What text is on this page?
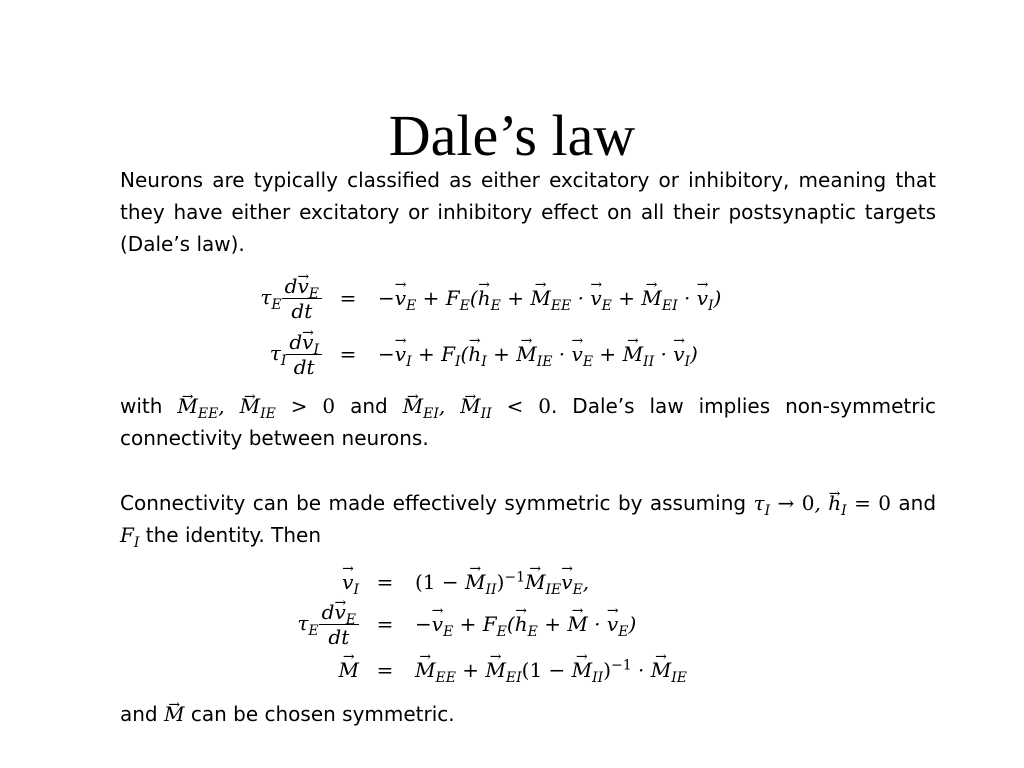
Dale’s law
Neurons are typically classified as either excitatory or inhibitory, meaning that they have either excitatory or inhibitory effect on all their postsynaptic targets (Dale’s law).
$\tau_E \frac{d\to v_E}{dt}$ =	−→ $v_E + F_E(\to h_E$ + → $M_{EE}$ · → $v_E$ + → $M_{EI}$ · → $v_I$)
$\tau_I \frac{d\to v_I}{dt}$ =	−→ $v_I + F_I(\to h_I$ + → $M_{IE}$ · → $v_E$ + → $M_{II}$ · → $v_I$)
with → $M_{EE}$, → $M_{IE} > 0$ and → $M_{EI}$, → $M_{II} < 0$. Dale’s law implies non-symmetric connectivity between neurons.
Connectivity can be made effectively symmetric by assuming $\tau_I \to 0$, → $h_I = 0$ and $F_I$ the identity. Then
→ $v_I$ =	(1 − → $M_{II})^{-1}\to M_{IE}\to v_E$,
$\tau_E \frac{d\to v_E}{dt}$ =	−→ $v_E + F_E(\to h_E$ + → M · → $v_E$)
→ M =	→ $M_{EE}$ + → $M_{EI}(1$ − → $M_{II})^{-1}$ · → $M_{IE}$
and → M can be chosen symmetric.
